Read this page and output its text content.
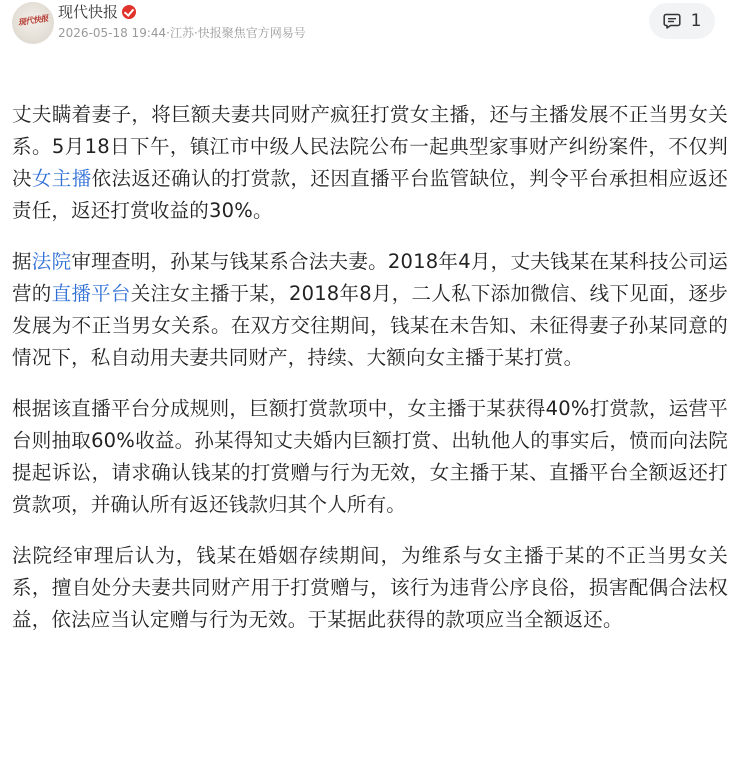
现代快报 现代快报
2026-05-18 19:44·江苏·快报聚焦官方网易号
1

丈夫瞒着妻子，将巨额夫妻共同财产疯狂打赏女主播，还与主播发展不正当男女关系。5月18日下午，镇江市中级人民法院公布一起典型家事财产纠纷案件，不仅判决女主播依法返还确认的打赏款，还因直播平台监管缺位，判令平台承担相应返还责任，返还打赏收益的30%。

据法院审理查明，孙某与钱某系合法夫妻。2018年4月，丈夫钱某在某科技公司运营的直播平台关注女主播于某，2018年8月，二人私下添加微信、线下见面，逐步发展为不正当男女关系。在双方交往期间，钱某在未告知、未征得妻子孙某同意的情况下，私自动用夫妻共同财产，持续、大额向女主播于某打赏。

根据该直播平台分成规则，巨额打赏款项中，女主播于某获得40%打赏款，运营平台则抽取60%收益。孙某得知丈夫婚内巨额打赏、出轨他人的事实后，愤而向法院提起诉讼，请求确认钱某的打赏赠与行为无效，女主播于某、直播平台全额返还打赏款项，并确认所有返还钱款归其个人所有。

法院经审理后认为，钱某在婚姻存续期间，为维系与女主播于某的不正当男女关系，擅自处分夫妻共同财产用于打赏赠与，该行为违背公序良俗，损害配偶合法权益，依法应当认定赠与行为无效。于某据此获得的款项应当全额返还。
